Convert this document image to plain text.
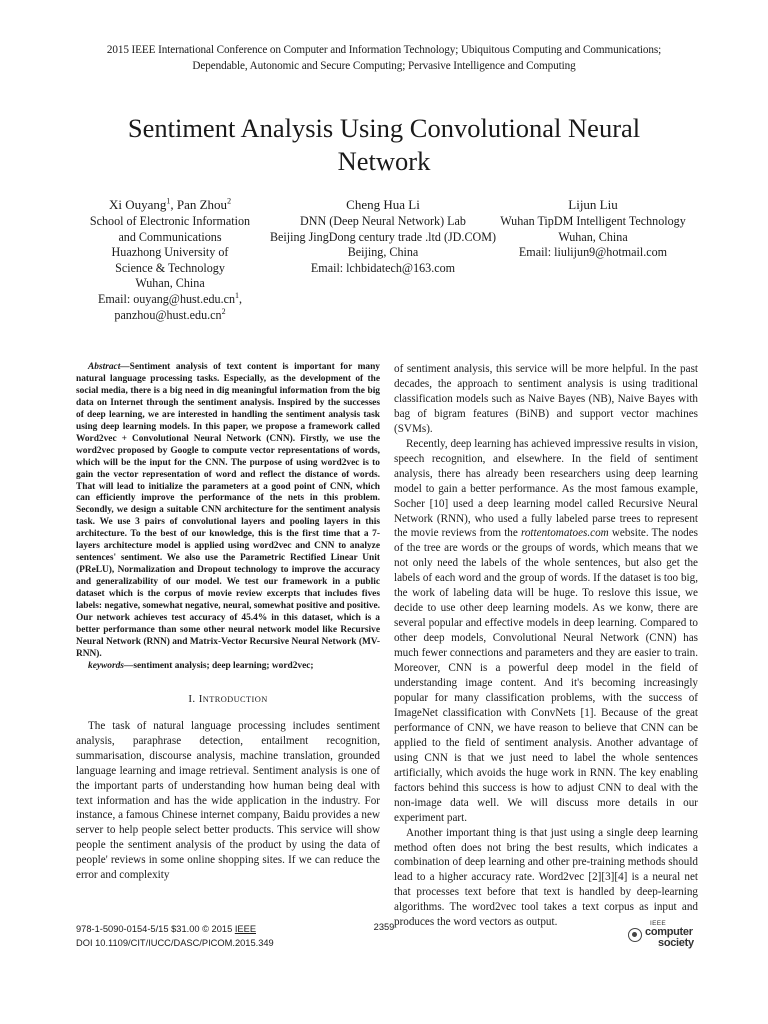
2015 IEEE International Conference on Computer and Information Technology; Ubiquitous Computing and Communications;
Dependable, Autonomic and Secure Computing; Pervasive Intelligence and Computing
Sentiment Analysis Using Convolutional Neural
Network
Xi Ouyang$^1$, Pan Zhou$^2$
School of Electronic Information
and Communications
Huazhong University of
Science & Technology
Wuhan, China
Email: $ouyang@hust.edu.cn^1$,
$panzhou@hust.edu.cn^2$
Cheng Hua Li
DNN (Deep Neural Network) Lab
Beijing JingDong century trade .ltd (JD.COM)
Beijing, China
Email: lchbidatech@163.com
Lijun Liu
Wuhan TipDM Intelligent Technology
Wuhan, China
Email: liulijun9@hotmail.com

Abstract—Sentiment analysis of text content is important for many natural language processing tasks. Especially, as the development of the social media, there is a big need in dig meaningful information from the big data on Internet through the sentiment analysis. Inspired by the successes of deep learning, we are interested in handling the sentiment analysis task using deep learning models. In this paper, we propose a framework called Word2vec + Convolutional Neural Network (CNN). Firstly, we use the word2vec proposed by Google to compute vector representations of words, which will be the input for the CNN. The purpose of using word2vec is to gain the vector representation of word and reflect the distance of words. That will lead to initialize the parameters at a good point of CNN, which can efficiently improve the performance of the nets in this problem. Secondly, we design a suitable CNN architecture for the sentiment analysis task. We use 3 pairs of convolutional layers and pooling layers in this architecture. To the best of our knowledge, this is the first time that a 7-layers architecture model is applied using word2vec and CNN to analyze sentences' sentiment. We also use the Parametric Rectified Linear Unit (PReLU), Normalization and Dropout technology to improve the accuracy and generalizability of our model. We test our framework in a public dataset which is the corpus of movie review excerpts that includes fives labels: negative, somewhat negative, neural, somewhat positive and positive. Our network achieves test accuracy of 45.4% in this dataset, which is a better performance than some other neural network model like Recursive Neural Network (RNN) and Matrix-Vector Recursive Neural Network (MV-RNN).

keywords—sentiment analysis; deep learning; word2vec;

I. INTRODUCTION

The task of natural language processing includes sentiment analysis, paraphrase detection, entailment recognition, summarisation, discourse analysis, machine translation, grounded language learning and image retrieval. Sentiment analysis is one of the important parts of understanding how human being deal with text information and has the wide application in the industry. For instance, a famous Chinese internet company, Baidu provides a new server to help people select better products. This service will show people the sentiment analysis of the product by using the data of people' reviews in some online shopping sites. If we can reduce the error and complexity

of sentiment analysis, this service will be more helpful. In the past decades, the approach to sentiment analysis is using traditional classification models such as Naive Bayes (NB), Naive Bayes with bag of bigram features (BiNB) and support vector machines (SVMs).

Recently, deep learning has achieved impressive results in vision, speech recognition, and elsewhere. In the field of sentiment analysis, there has already been researchers using deep learning model to gain a better performance. As the most famous example, Socher [10] used a deep learning model called Recursive Neural Network (RNN), who used a fully labeled parse trees to represent the movie reviews from the rottentomatoes.com website. The nodes of the tree are words or the groups of words, which means that we not only need the labels of the whole sentences, but also get the labels of each word and the group of words. If the dataset is too big, the work of labeling data will be huge. To reslove this issue, we decide to use other deep learning models. As we konw, there are several popular and effective models in deep learning. Compared to other deep models, Convolutional Neural Network (CNN) has much fewer connections and parameters and they are easier to train. Moreover, CNN is a powerful deep model in the field of understanding image content. And it's becoming increasingly popular for many classification problems, with the success of ImageNet classification with ConvNets [1]. Because of the great performance of CNN, we have reason to believe that CNN can be applied to the field of sentiment analysis. Another advantage of using CNN is that we just need to label the whole sentences artificially, which avoids the huge work in RNN. The key enabling factors behind this success is how to adjust CNN to deal with the non-image data well. We will discuss more details in our experiment part.

Another important thing is that just using a single deep learning method often does not bring the best results, which indicates a combination of deep learning and other pre-training methods should lead to a higher accuracy rate. Word2vec [2][3][4] is a neural net that processes text before that text is handled by deep-learning algorithms. The word2vec tool takes a text corpus as input and produces the word vectors as output.

978-1-5090-0154-5/15 $31.00 © 2015 IEEE
DOI 10.1109/CIT/IUCC/DASC/PICOM.2015.349
2359	IEEE
computer
society
